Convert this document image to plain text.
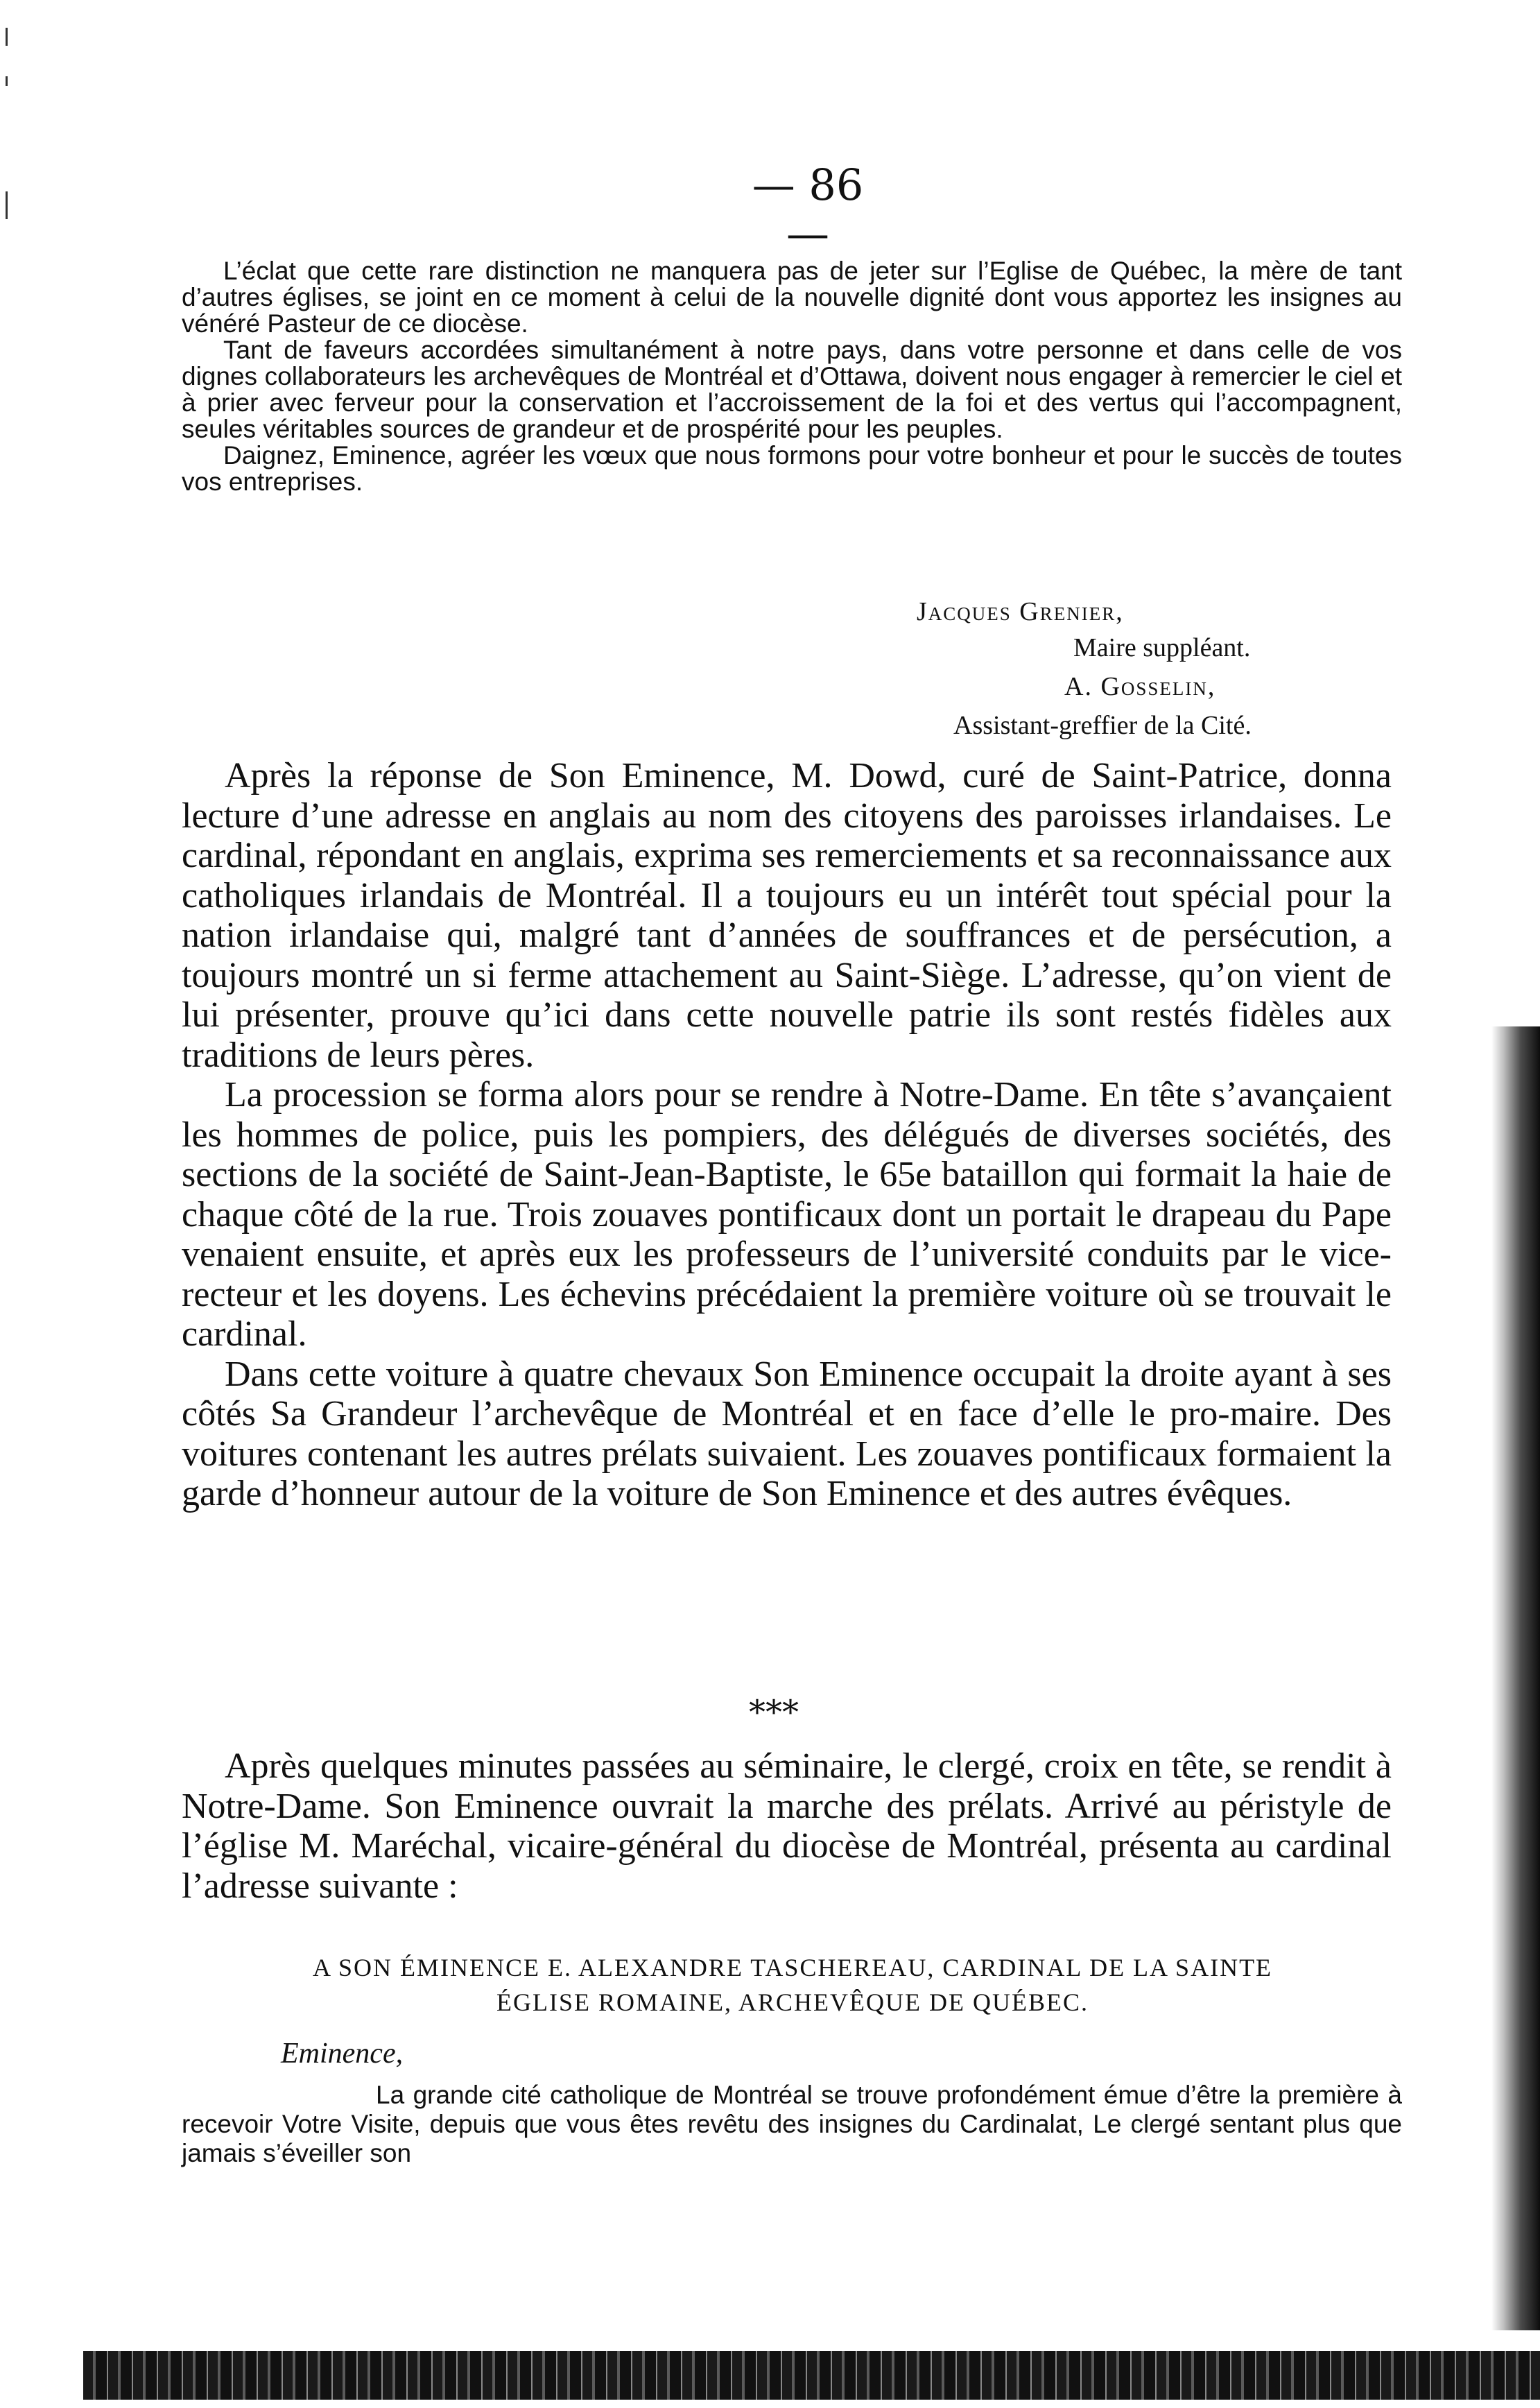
— 86 —

L’éclat que cette rare distinction ne manquera pas de jeter sur l’Eglise de Québec, la mère de tant d’autres églises, se joint en ce moment à celui de la nouvelle dignité dont vous apportez les insignes au vénéré Pasteur de ce diocèse.

Tant de faveurs accordées simultanément à notre pays, dans votre personne et dans celle de vos dignes collaborateurs les archevêques de Montréal et d’Ottawa, doivent nous engager à remercier le ciel et à prier avec ferveur pour la conservation et l’accroissement de la foi et des vertus qui l’accompagnent, seules véritables sources de grandeur et de prospérité pour les peuples.

Daignez, Eminence, agréer les vœux que nous formons pour votre bonheur et pour le succès de toutes vos entreprises.

Jacques Grenier,
Maire suppléant.
A. Gosselin,
Assistant-greffier de la Cité.

Après la réponse de Son Eminence, M. Dowd, curé de Saint-Patrice, donna lecture d’une adresse en anglais au nom des citoyens des paroisses irlandaises. Le cardinal, répondant en anglais, exprima ses remerciements et sa reconnaissance aux catholiques irlandais de Montréal. Il a toujours eu un intérêt tout spécial pour la nation irlandaise qui, malgré tant d’années de souffrances et de persécution, a toujours montré un si ferme attachement au Saint-Siège. L’adresse, qu’on vient de lui présenter, prouve qu’ici dans cette nouvelle patrie ils sont restés fidèles aux traditions de leurs pères.

La procession se forma alors pour se rendre à Notre-Dame. En tête s’avançaient les hommes de police, puis les pompiers, des délégués de diverses sociétés, des sections de la société de Saint-Jean-Baptiste, le 65e bataillon qui formait la haie de chaque côté de la rue. Trois zouaves pontificaux dont un portait le drapeau du Pape venaient ensuite, et après eux les professeurs de l’université conduits par le vice-recteur et les doyens. Les échevins précédaient la première voiture où se trouvait le cardinal.

Dans cette voiture à quatre chevaux Son Eminence occupait la droite ayant à ses côtés Sa Grandeur l’archevêque de Montréal et en face d’elle le pro-maire. Des voitures contenant les autres prélats suivaient. Les zouaves pontificaux formaient la garde d’honneur autour de la voiture de Son Eminence et des autres évêques.

***

Après quelques minutes passées au séminaire, le clergé, croix en tête, se rendit à Notre-Dame. Son Eminence ouvrait la marche des prélats. Arrivé au péristyle de l’église M. Maréchal, vicaire-général du diocèse de Montréal, présenta au cardinal l’adresse suivante :

A SON ÉMINENCE E. ALEXANDRE TASCHEREAU, CARDINAL DE LA SAINTE
ÉGLISE ROMAINE, ARCHEVÊQUE DE QUÉBEC.
Eminence,

La grande cité catholique de Montréal se trouve profondément émue d’être la première à recevoir Votre Visite, depuis que vous êtes revêtu des insignes du Cardinalat, Le clergé sentant plus que jamais s’éveiller son
